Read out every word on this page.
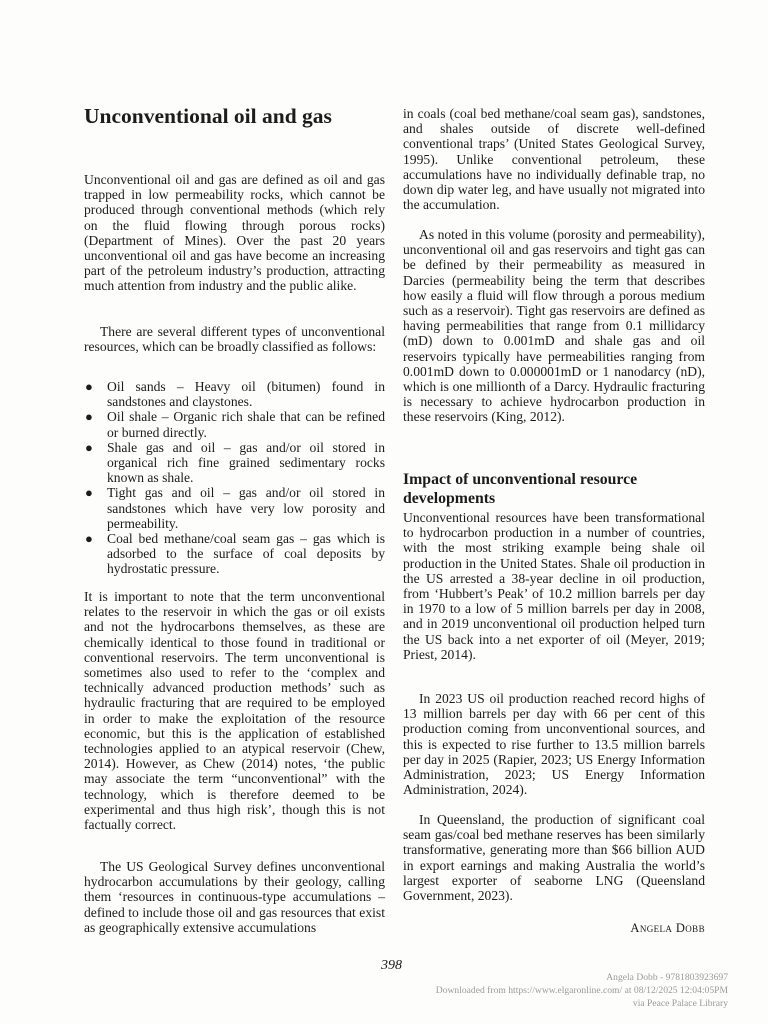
Unconventional oil and gas

Unconventional oil and gas are defined as oil and gas trapped in low permeability rocks, which cannot be produced through conventional methods (which rely on the fluid flowing through porous rocks) (Department of Mines). Over the past 20 years unconventional oil and gas have become an increasing part of the petroleum industry’s production, attracting much attention from industry and the public alike.

There are several different types of unconventional resources, which can be broadly classified as follows:

● Oil sands – Heavy oil (bitumen) found in sandstones and claystones.
● Oil shale – Organic rich shale that can be refined or burned directly.
● Shale gas and oil – gas and/or oil stored in organical rich fine grained sedimentary rocks known as shale.
● Tight gas and oil – gas and/or oil stored in sandstones which have very low porosity and permeability.
● Coal bed methane/coal seam gas – gas which is adsorbed to the surface of coal deposits by hydrostatic pressure.

It is important to note that the term unconventional relates to the reservoir in which the gas or oil exists and not the hydrocarbons themselves, as these are chemically identical to those found in traditional or conventional reservoirs. The term unconventional is sometimes also used to refer to the ‘complex and technically advanced production methods’ such as hydraulic fracturing that are required to be employed in order to make the exploitation of the resource economic, but this is the application of established technologies applied to an atypical reservoir (Chew, 2014). However, as Chew (2014) notes, ‘the public may associate the term “unconventional” with the technology, which is therefore deemed to be experimental and thus high risk’, though this is not factually correct.

The US Geological Survey defines unconventional hydrocarbon accumulations by their geology, calling them ‘resources in continuous-type accumulations – defined to include those oil and gas resources that exist as geographically extensive accumulations

in coals (coal bed methane/coal seam gas), sandstones, and shales outside of discrete well-defined conventional traps’ (United States Geological Survey, 1995). Unlike conventional petroleum, these accumulations have no individually definable trap, no down dip water leg, and have usually not migrated into the accumulation.

As noted in this volume (porosity and permeability), unconventional oil and gas reservoirs and tight gas can be defined by their permeability as measured in Darcies (permeability being the term that describes how easily a fluid will flow through a porous medium such as a reservoir). Tight gas reservoirs are defined as having permeabilities that range from 0.1 millidarcy (mD) down to 0.001mD and shale gas and oil reservoirs typically have permeabilities ranging from 0.001mD down to 0.000001mD or 1 nanodarcy (nD), which is one millionth of a Darcy. Hydraulic fracturing is necessary to achieve hydrocarbon production in these reservoirs (King, 2012).

Impact of unconventional resource developments

Unconventional resources have been transformational to hydrocarbon production in a number of countries, with the most striking example being shale oil production in the United States. Shale oil production in the US arrested a 38-year decline in oil production, from ‘Hubbert’s Peak’ of 10.2 million barrels per day in 1970 to a low of 5 million barrels per day in 2008, and in 2019 unconventional oil production helped turn the US back into a net exporter of oil (Meyer, 2019; Priest, 2014).

In 2023 US oil production reached record highs of 13 million barrels per day with 66 per cent of this production coming from unconventional sources, and this is expected to rise further to 13.5 million barrels per day in 2025 (Rapier, 2023; US Energy Information Administration, 2023; US Energy Information Administration, 2024).

In Queensland, the production of significant coal seam gas/coal bed methane reserves has been similarly transformative, generating more than $66 billion AUD in export earnings and making Australia the world’s largest exporter of seaborne LNG (Queensland Government, 2023).

Angela Dobb
398
Angela Dobb - 9781803923697
Downloaded from https://www.elgaronline.com/ at 08/12/2025 12:04:05PM
via Peace Palace Library
